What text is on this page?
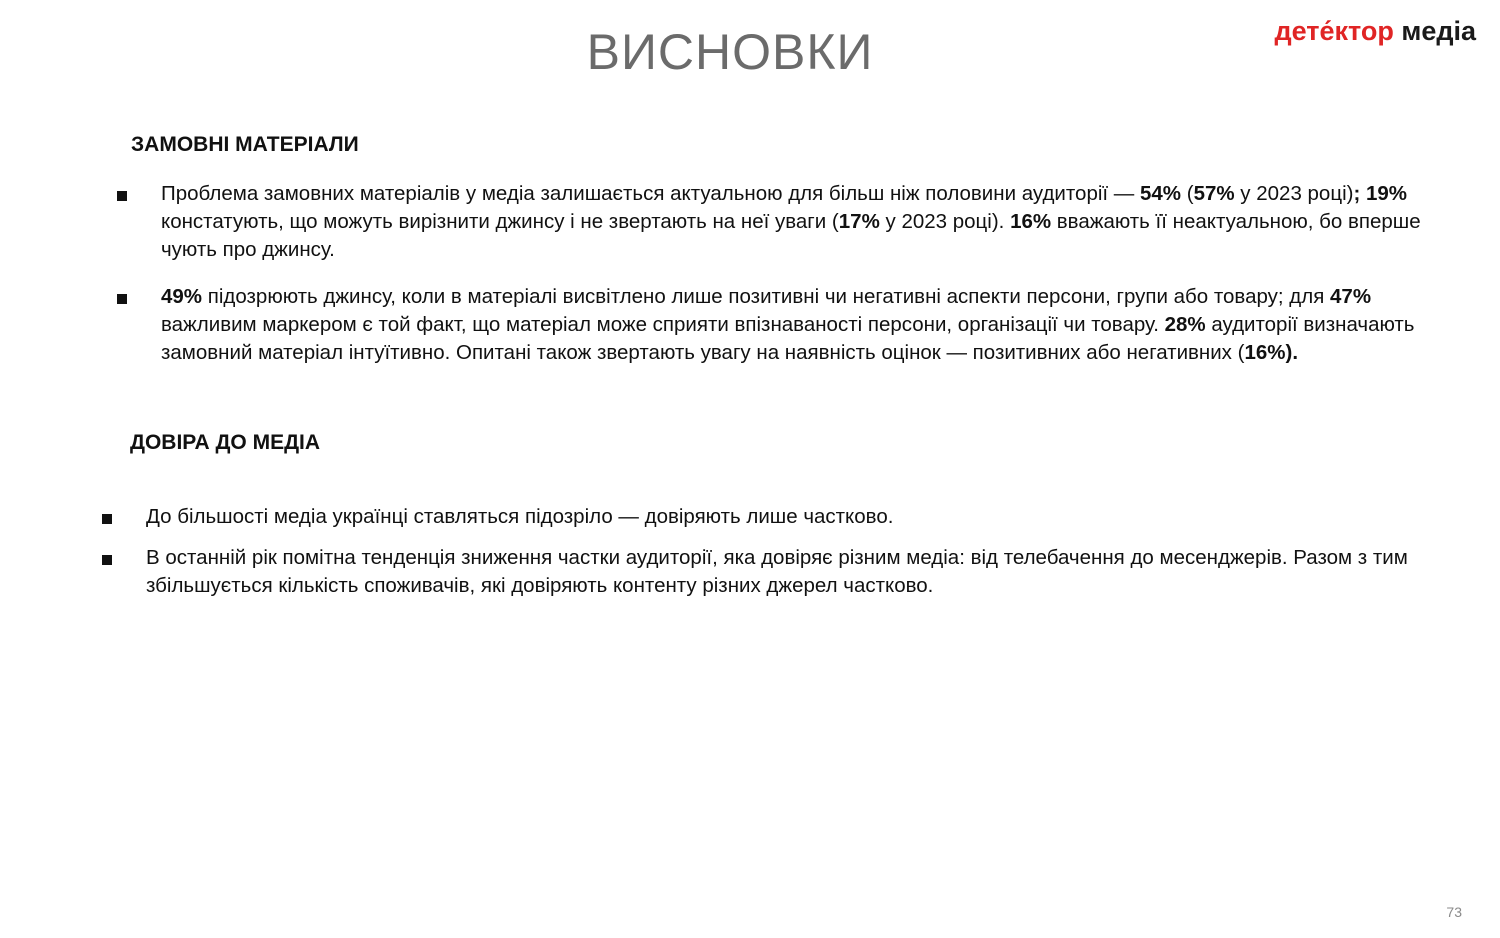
ВИСНОВКИ	дете́ктор медіа
ЗАМОВНІ МАТЕРІАЛИ
Проблема замовних матеріалів у медіа залишається актуальною для більш ніж половини аудиторії — 54% (57% у 2023 році); 19% констатують, що можуть вирізнити джинсу і не звертають на неї уваги (17% у 2023 році). 16% вважають її неактуальною, бо вперше чують про джинсу.
49% підозрюють джинсу, коли в матеріалі висвітлено лише позитивні чи негативні аспекти персони, групи або товару; для 47% важливим маркером є той факт, що матеріал може сприяти впізнаваності персони, організації чи товару. 28% аудиторії визначають замовний матеріал інтуїтивно. Опитані також звертають увагу на наявність оцінок — позитивних або негативних (16%).
ДОВІРА ДО МЕДІА
До більшості медіа українці ставляться підозріло — довіряють лише частково.
В останній рік помітна тенденція зниження частки аудиторії, яка довіряє різним медіа: від телебачення до месенджерів. Разом з тим збільшується кількість споживачів, які довіряють контенту різних джерел частково.
73
